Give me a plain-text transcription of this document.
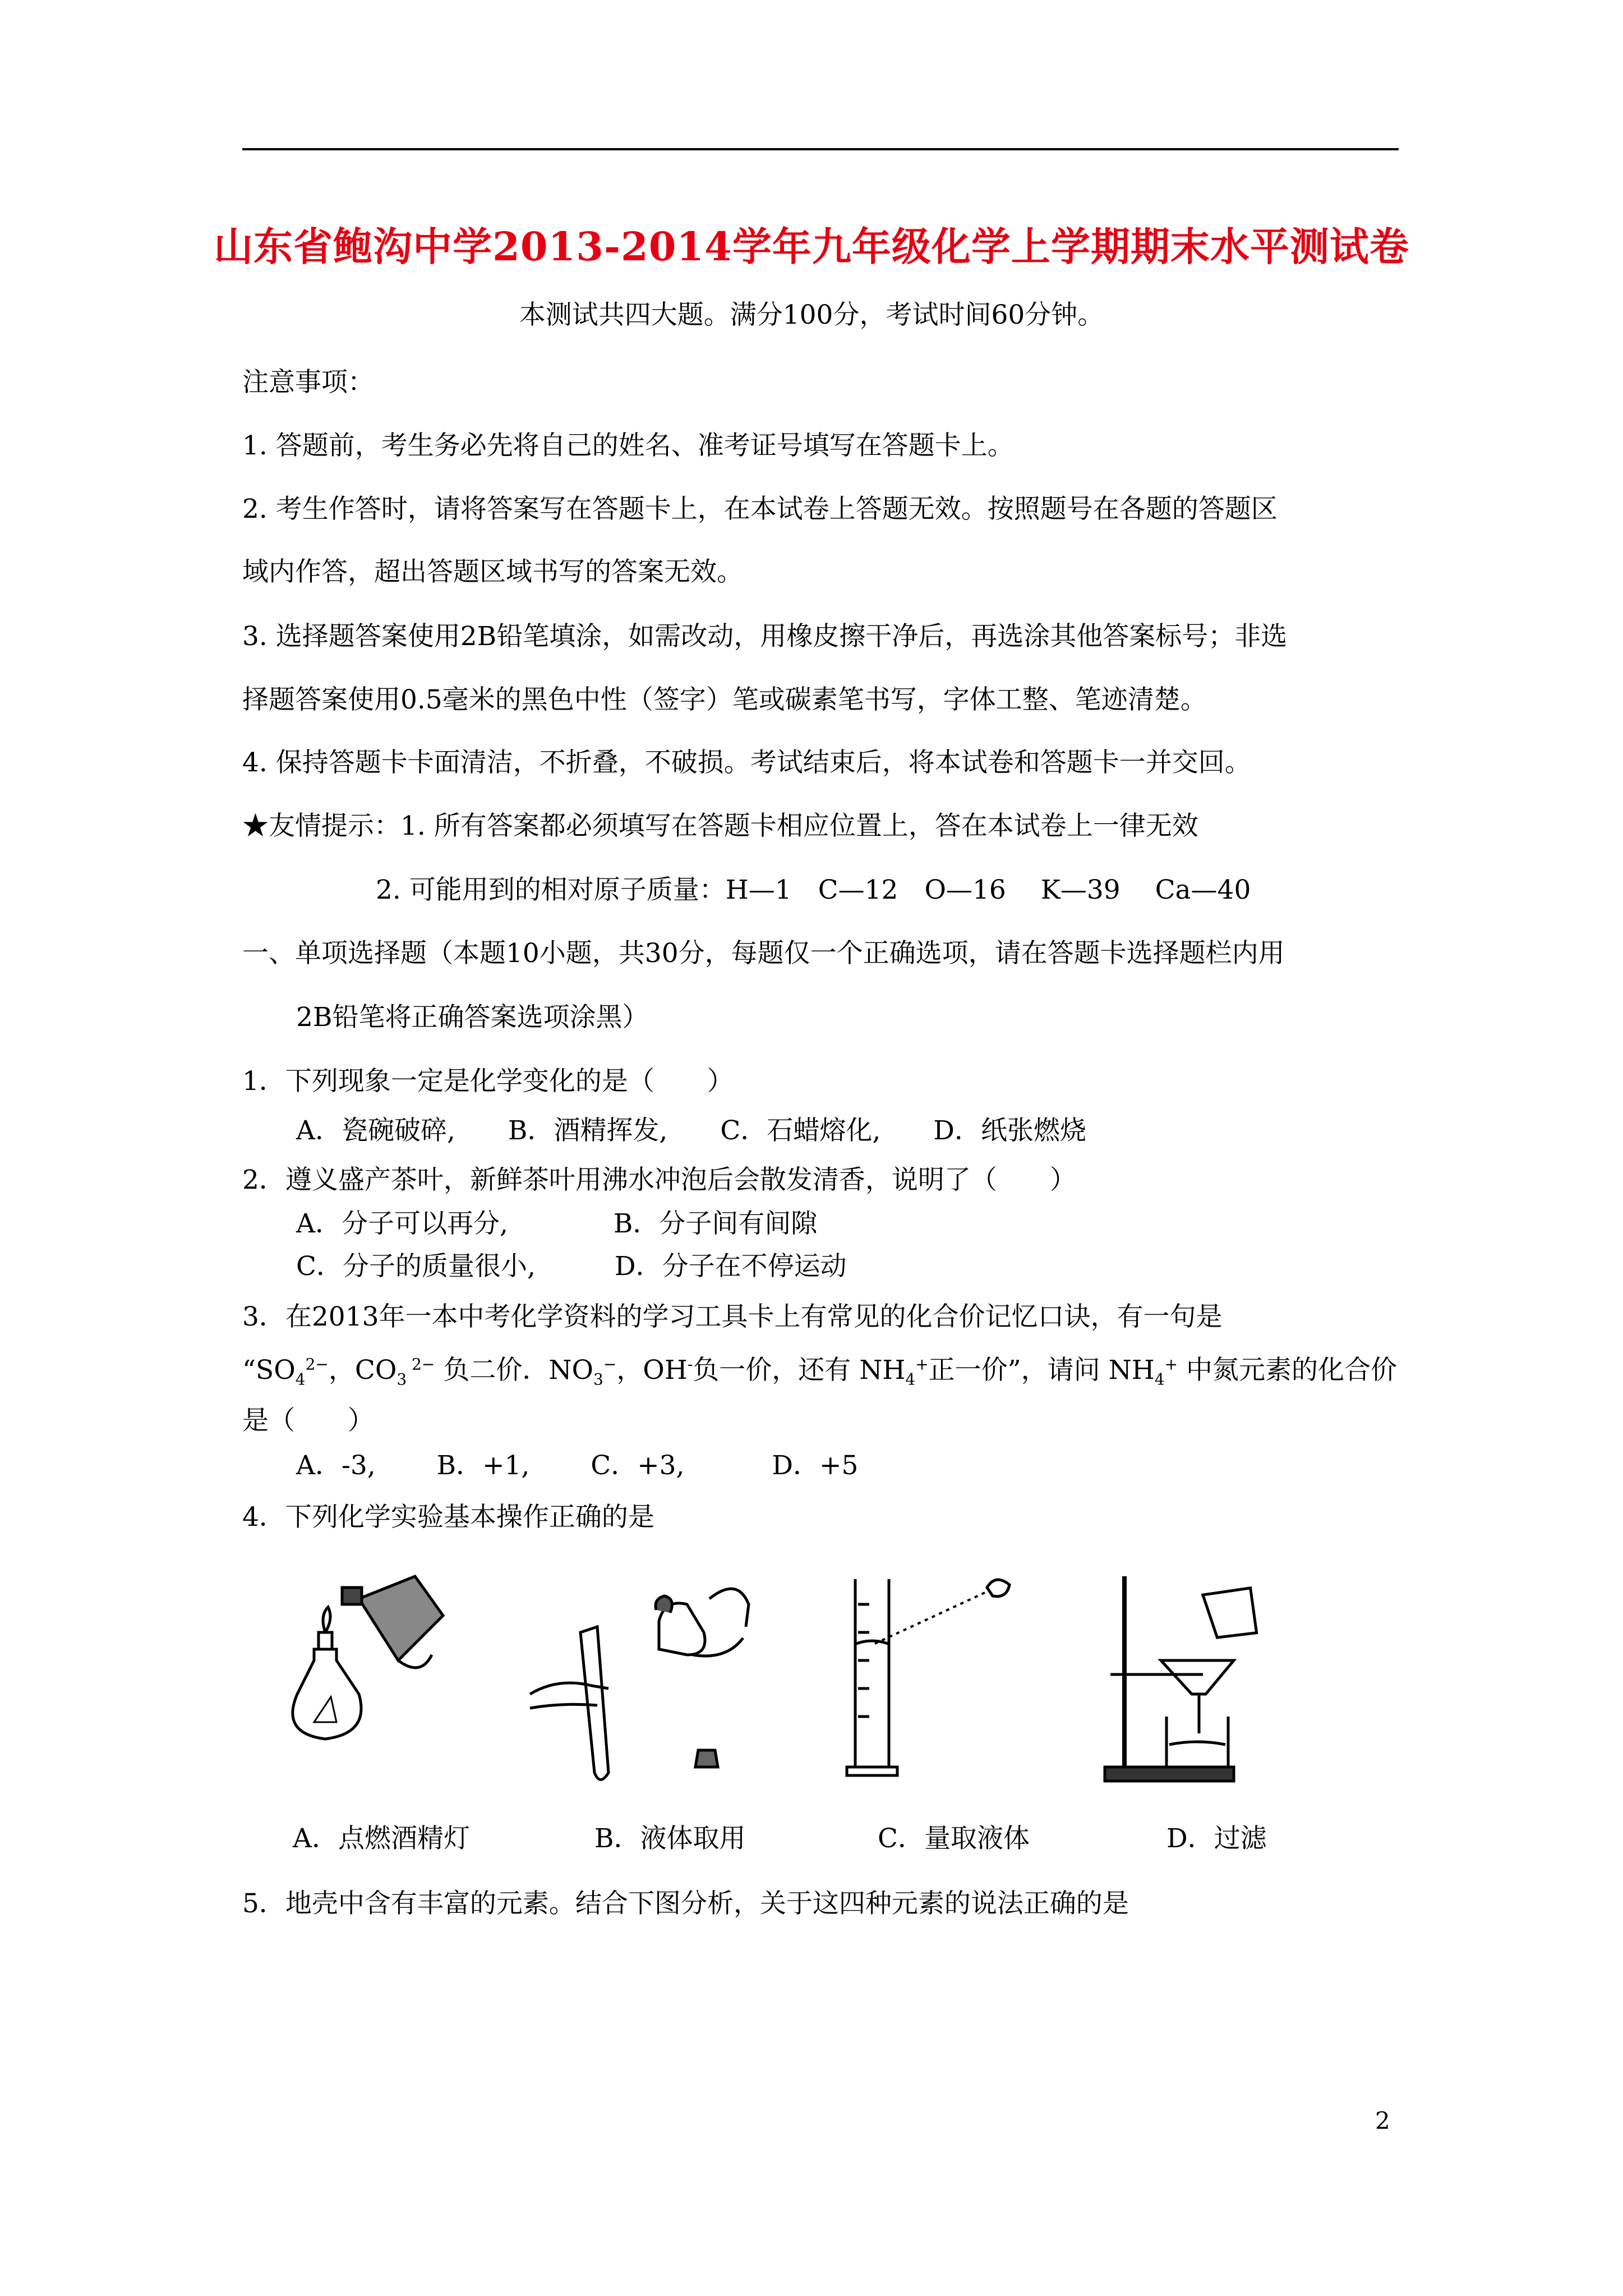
山东省鲍沟中学2013-2014学年九年级化学上学期期末水平测试卷
本测试共四大题。满分100分，考试时间60分钟。
注意事项：
1. 答题前，考生务必先将自己的姓名、准考证号填写在答题卡上。
2. 考生作答时，请将答案写在答题卡上，在本试卷上答题无效。按照题号在各题的答题区
域内作答，超出答题区域书写的答案无效。
3. 选择题答案使用2B铅笔填涂，如需改动，用橡皮擦干净后，再选涂其他答案标号；非选
择题答案使用0.5毫米的黑色中性（签字）笔或碳素笔书写，字体工整、笔迹清楚。
4. 保持答题卡卡面清洁，不折叠，不破损。考试结束后，将本试卷和答题卡一并交回。
★友情提示：1. 所有答案都必须填写在答题卡相应位置上，答在本试卷上一律无效
2. 可能用到的相对原子质量：H—1　C—12　O—16　 K—39　 Ca—40
一、单项选择题（本题10小题，共30分，每题仅一个正确选项，请在答题卡选择题栏内用
2B铅笔将正确答案选项涂黑）
1．下列现象一定是化学变化的是（　　）
A．瓷碗破碎,　　B．酒精挥发,　　C．石蜡熔化,　　D．纸张燃烧
2．遵义盛产茶叶，新鲜茶叶用沸水冲泡后会散发清香，说明了（　　）
A．分子可以再分,　　　　B．分子间有间隙
C．分子的质量很小,　　　D．分子在不停运动
3．在2013年一本中考化学资料的学习工具卡上有常见的化合价记忆口诀，有一句是
“$SO_4^{2-}$，$CO_3$ $^{2-}$ 负二价．$NO_3^-$，OH-负一价，还有 $NH_4^+$正一价”，请问 $NH_4^+$ 中氮元素的化合价
是（　　）
A．-3,　　 B．+1,　　 C．+3,　　　 D．+5
4．下列化学实验基本操作正确的是
A．点燃酒精灯	B．液体取用	C．量取液体	D．过滤
5．地壳中含有丰富的元素。结合下图分析，关于这四种元素的说法正确的是
2
